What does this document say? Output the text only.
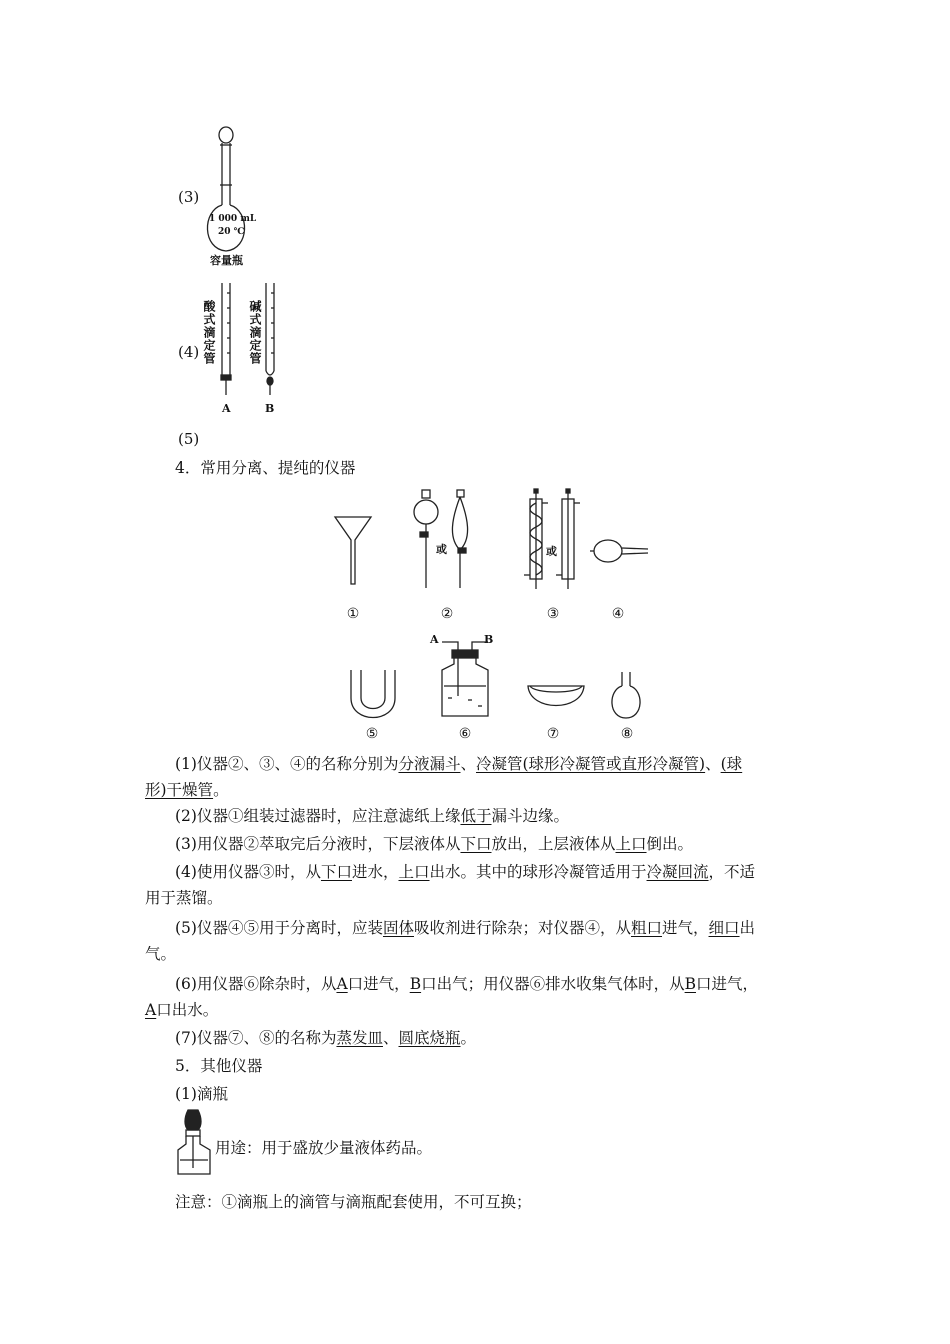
(3)
1 000 mL
20 ℃
容量瓶
(4) 酸式滴定管	碱式滴定管
A	B
(5)
4．常用分离、提纯的仪器
或	或
①	②	③	④
A	B
⑤	⑥	⑦	⑧
(1)仪器②、③、④的名称分别为分液漏斗、冷凝管(球形冷凝管或直形冷凝管)、(球
形)干燥管。
(2)仪器①组装过滤器时，应注意滤纸上缘低于漏斗边缘。
(3)用仪器②萃取完后分液时，下层液体从下口放出，上层液体从上口倒出。
(4)使用仪器③时，从下口进水，上口出水。其中的球形冷凝管适用于冷凝回流，不适
用于蒸馏。
(5)仪器④⑤用于分离时，应装固体吸收剂进行除杂；对仪器④，从粗口进气，细口出
气。
(6)用仪器⑥除杂时，从A口进气，B口出气；用仪器⑥排水收集气体时，从B口进气，
A口出水。
(7)仪器⑦、⑧的名称为蒸发皿、圆底烧瓶。
5．其他仪器
(1)滴瓶
用途：用于盛放少量液体药品。
注意：①滴瓶上的滴管与滴瓶配套使用，不可互换；
